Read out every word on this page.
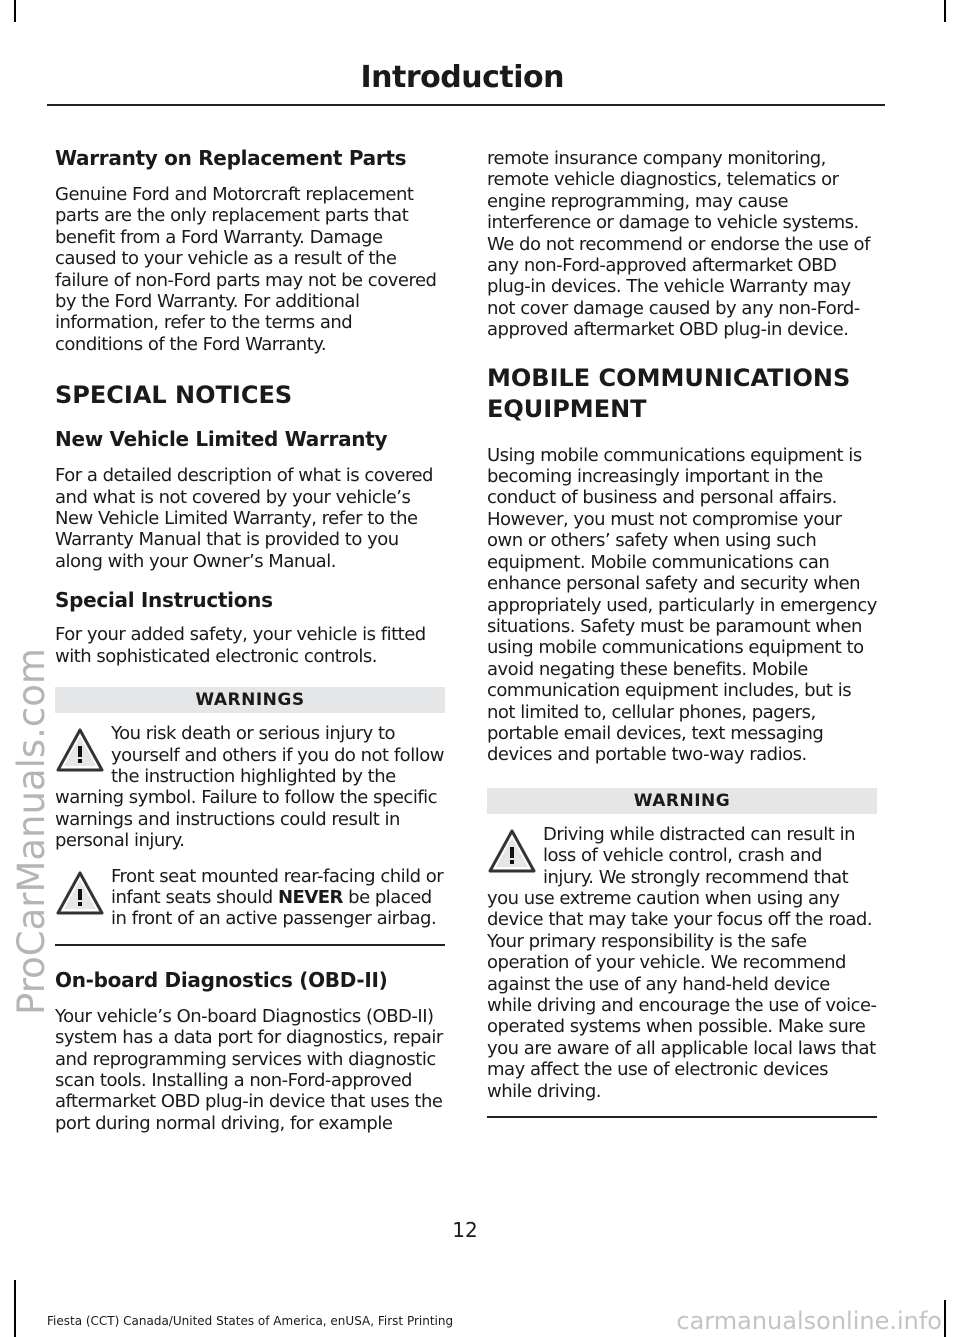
Introduction
Warranty on Replacement Parts

Genuine Ford and Motorcraft replacement parts are the only replacement parts that benefit from a Ford Warranty. Damage caused to your vehicle as a result of the failure of non-Ford parts may not be covered by the Ford Warranty. For additional information, refer to the terms and conditions of the Ford Warranty.

SPECIAL NOTICES
New Vehicle Limited Warranty

For a detailed description of what is covered and what is not covered by your vehicle’s New Vehicle Limited Warranty, refer to the Warranty Manual that is provided to you along with your Owner’s Manual.

Special Instructions

For your added safety, your vehicle is fitted with sophisticated electronic controls.

WARNINGS
You risk death or serious injury to yourself and others if you do not follow the instruction highlighted by the warning symbol. Failure to follow the specific warnings and instructions could result in personal injury.
Front seat mounted rear-facing child or infant seats should NEVER be placed in front of an active passenger airbag.
On-board Diagnostics (OBD-II)

Your vehicle’s On-board Diagnostics (OBD-II) system has a data port for diagnostics, repair and reprogramming services with diagnostic scan tools. Installing a non-Ford-approved aftermarket OBD plug-in device that uses the port during normal driving, for example

remote insurance company monitoring, remote vehicle diagnostics, telematics or engine reprogramming, may cause interference or damage to vehicle systems. We do not recommend or endorse the use of any non-Ford-approved aftermarket OBD plug-in devices. The vehicle Warranty may not cover damage caused by any non-Ford-approved aftermarket OBD plug-in device.

MOBILE COMMUNICATIONS
EQUIPMENT

Using mobile communications equipment is becoming increasingly important in the conduct of business and personal affairs. However, you must not compromise your own or others’ safety when using such equipment. Mobile communications can enhance personal safety and security when appropriately used, particularly in emergency situations. Safety must be paramount when using mobile communications equipment to avoid negating these benefits. Mobile communication equipment includes, but is not limited to, cellular phones, pagers, portable email devices, text messaging devices and portable two-way radios.

WARNING
Driving while distracted can result in loss of vehicle control, crash and injury. We strongly recommend that you use extreme caution when using any device that may take your focus off the road. Your primary responsibility is the safe operation of your vehicle. We recommend against the use of any hand-held device while driving and encourage the use of voice-operated systems when possible. Make sure you are aware of all applicable local laws that may affect the use of electronic devices while driving.
12
Fiesta (CCT) Canada/United States of America, enUSA, First Printing
ProCarManuals.com
carmanualsonline.info
